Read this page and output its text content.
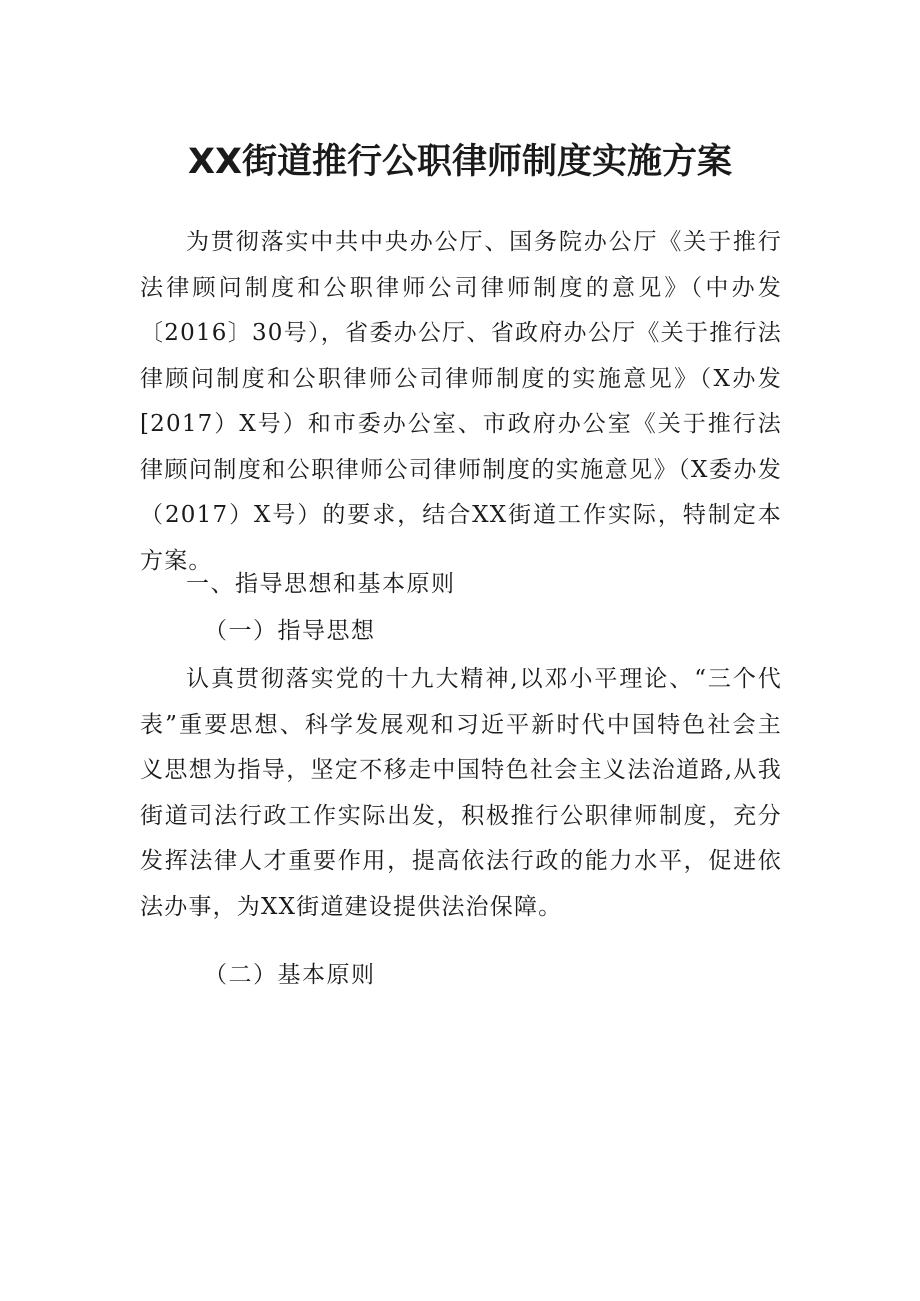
XX街道推行公职律师制度实施方案

为贯彻落实中共中央办公厅、国务院办公厅《关于推行法律顾问制度和公职律师公司律师制度的意见》（中办发〔2016〕30号），省委办公厅、省政府办公厅《关于推行法律顾问制度和公职律师公司律师制度的实施意见》（X办发[2017）X号）和市委办公室、市政府办公室《关于推行法律顾问制度和公职律师公司律师制度的实施意见》（X委办发（2017）X号）的要求，结合XX街道工作实际，特制定本方案。

一、指导思想和基本原则
（一）指导思想

认真贯彻落实党的十九大精神,以邓小平理论、“三个代表”重要思想、科学发展观和习近平新时代中国特色社会主义思想为指导，坚定不移走中国特色社会主义法治道路,从我街道司法行政工作实际出发，积极推行公职律师制度，充分发挥法律人才重要作用，提高依法行政的能力水平，促进依法办事，为XX街道建设提供法治保障。

（二）基本原则
